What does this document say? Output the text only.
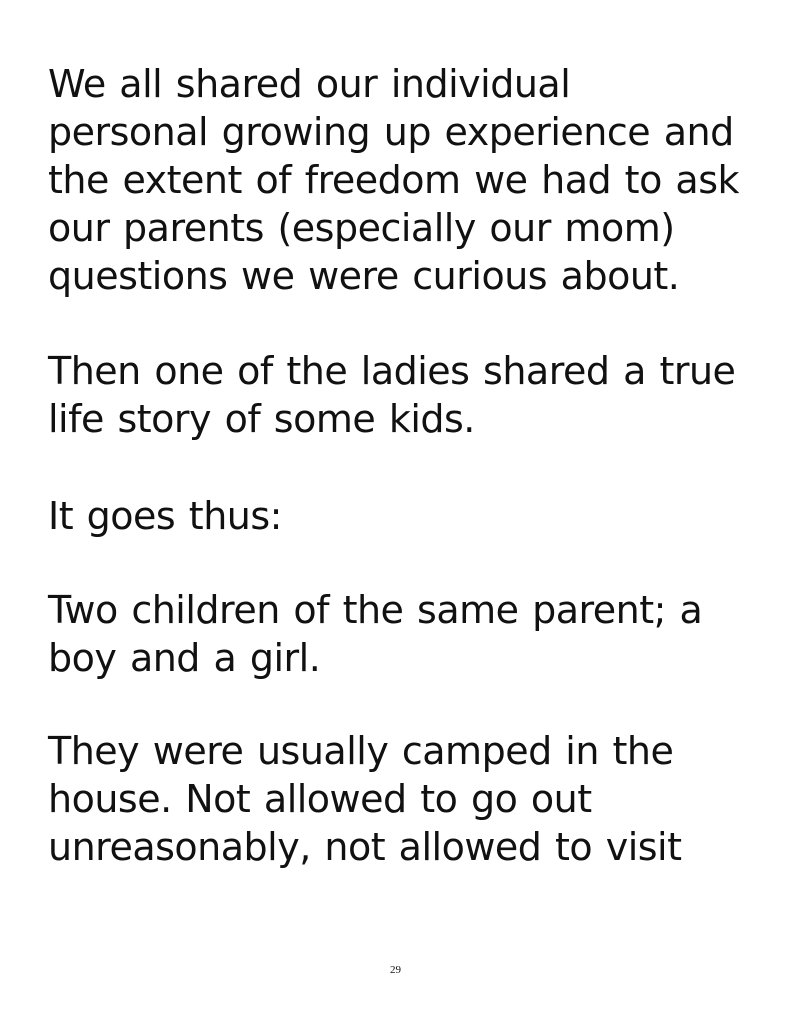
We all shared our individual
personal growing up experience and
the extent of freedom we had to ask
our parents (especially our mom)
questions we were curious about.
Then one of the ladies shared a true
life story of some kids.
It goes thus:
Two children of the same parent; a
boy and a girl.
They were usually camped in the
house. Not allowed to go out
unreasonably, not allowed to visit
29
